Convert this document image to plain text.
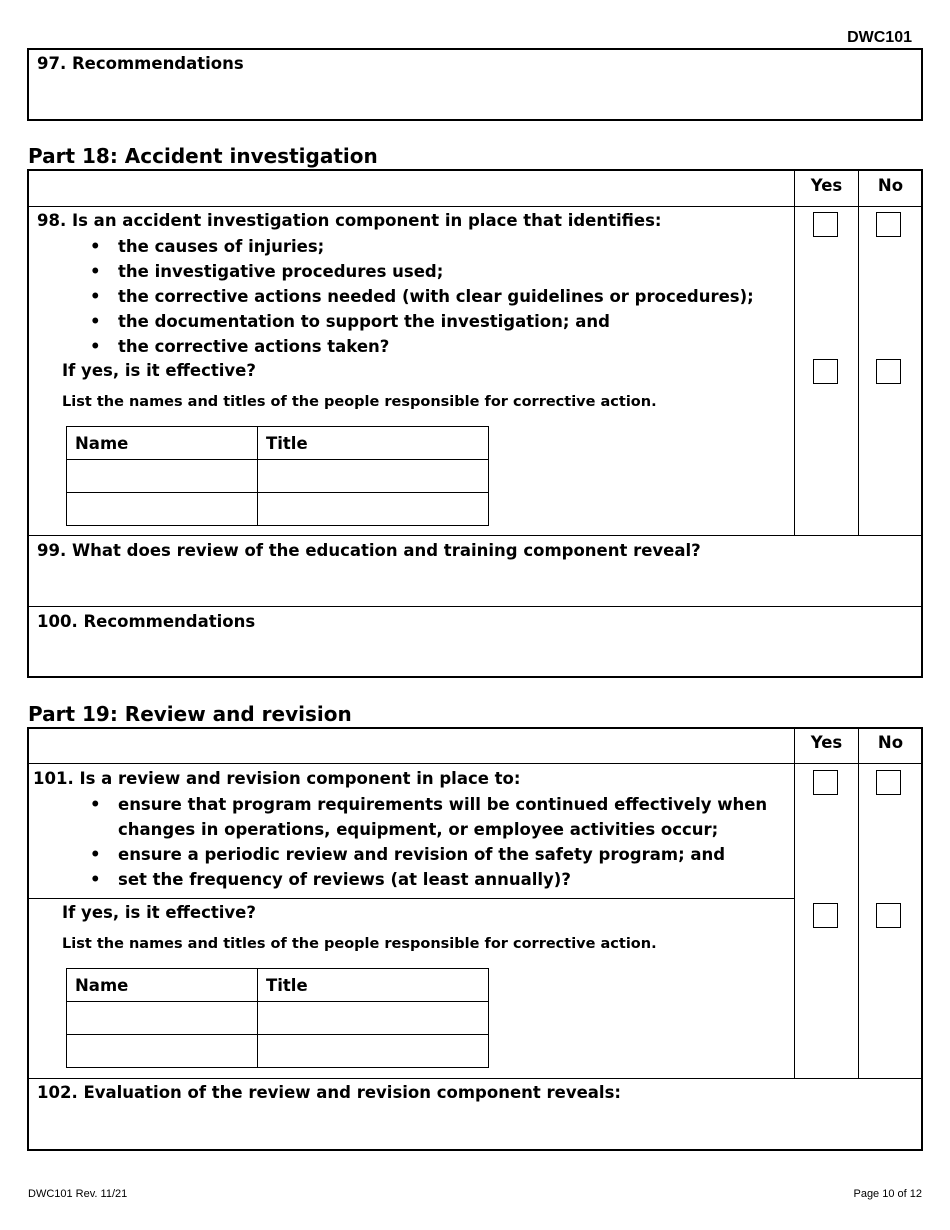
DWC101
97. Recommendations
Part 18: Accident investigation
Yes	No
98. Is an accident investigation component in place that identifies:
• the causes of injuries;
• the investigative procedures used;
• the corrective actions needed (with clear guidelines or procedures);
• the documentation to support the investigation; and
• the corrective actions taken?
If yes, is it effective?
List the names and titles of the people responsible for corrective action.
Name	Title

99. What does review of the education and training component reveal?
100. Recommendations
Part 19: Review and revision
Yes	No
101. Is a review and revision component in place to:
• ensure that program requirements will be continued effectively when
changes in operations, equipment, or employee activities occur;
• ensure a periodic review and revision of the safety program; and
• set the frequency of reviews (at least annually)?
If yes, is it effective?
List the names and titles of the people responsible for corrective action.
Name	Title

102. Evaluation of the review and revision component reveals:
DWC101 Rev. 11/21	Page 10 of 12
